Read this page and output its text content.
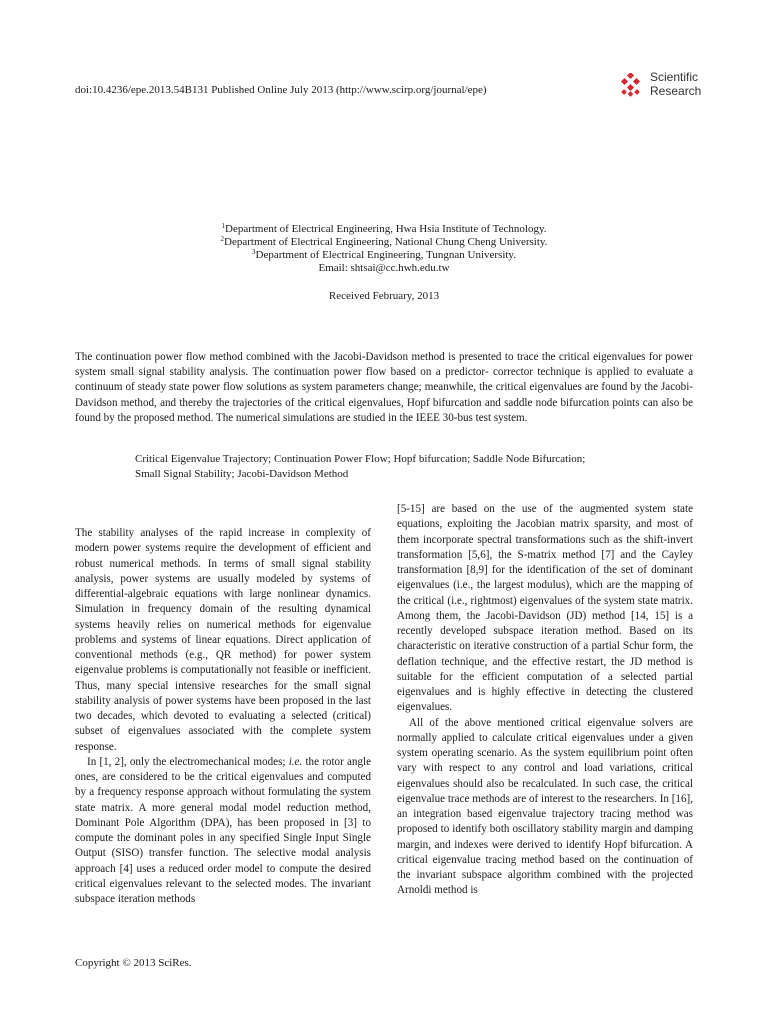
doi:10.4236/epe.2013.54B131 Published Online July 2013 (http://www.scirp.org/journal/epe)
Scientific
Research
$^1$Department of Electrical Engineering, Hwa Hsia Institute of Technology.
$^2$Department of Electrical Engineering, National Chung Cheng University.
$^3$Department of Electrical Engineering, Tungnan University.
Email: shtsai@cc.hwh.edu.tw
Received February, 2013
The continuation power flow method combined with the Jacobi-Davidson method is presented to trace the critical eigenvalues for power system small signal stability analysis. The continuation power flow based on a predictor- corrector technique is applied to evaluate a continuum of steady state power flow solutions as system parameters change; meanwhile, the critical eigenvalues are found by the Jacobi-Davidson method, and thereby the trajectories of the critical eigenvalues, Hopf bifurcation and saddle node bifurcation points can also be found by the proposed method. The numerical simulations are studied in the IEEE 30-bus test system.
Critical Eigenvalue Trajectory; Continuation Power Flow; Hopf bifurcation; Saddle Node Bifurcation;
Small Signal Stability; Jacobi-Davidson Method

The stability analyses of the rapid increase in complexity of modern power systems require the development of efficient and robust numerical methods. In terms of small signal stability analysis, power systems are usually modeled by systems of differential-algebraic equations with large nonlinear dynamics. Simulation in frequency domain of the resulting dynamical systems heavily relies on numerical methods for eigenvalue problems and systems of linear equations. Direct application of conventional methods (e.g., QR method) for power system eigenvalue problems is computationally not feasible or inefficient. Thus, many special intensive researches for the small signal stability analysis of power systems have been proposed in the last two decades, which devoted to evaluating a selected (critical) subset of eigenvalues associated with the complete system response.

In [1, 2], only the electromechanical modes; i.e. the rotor angle ones, are considered to be the critical eigenvalues and computed by a frequency response approach without formulating the system state matrix. A more general modal model reduction method, Dominant Pole Algorithm (DPA), has been proposed in [3] to compute the dominant poles in any specified Single Input Single Output (SISO) transfer function. The selective modal analysis approach [4] uses a reduced order model to compute the desired critical eigenvalues relevant to the selected modes. The invariant subspace iteration methods

[5-15] are based on the use of the augmented system state equations, exploiting the Jacobian matrix sparsity, and most of them incorporate spectral transformations such as the shift-invert transformation [5,6], the S-matrix method [7] and the Cayley transformation [8,9] for the identification of the set of dominant eigenvalues (i.e., the largest modulus), which are the mapping of the critical (i.e., rightmost) eigenvalues of the system state matrix. Among them, the Jacobi-Davidson (JD) method [14, 15] is a recently developed subspace iteration method. Based on its characteristic on iterative construction of a partial Schur form, the deflation technique, and the effective restart, the JD method is suitable for the efficient computation of a selected partial eigenvalues and is highly effective in detecting the clustered eigenvalues.

All of the above mentioned critical eigenvalue solvers are normally applied to calculate critical eigenvalues under a given system operating scenario. As the system equilibrium point often vary with respect to any control and load variations, critical eigenvalues should also be recalculated. In such case, the critical eigenvalue trace methods are of interest to the researchers. In [16], an integration based eigenvalue trajectory tracing method was proposed to identify both oscillatory stability margin and damping margin, and indexes were derived to identify Hopf bifurcation. A critical eigenvalue tracing method based on the continuation of the invariant subspace algorithm combined with the projected Arnoldi method is

Copyright © 2013 SciRes.
